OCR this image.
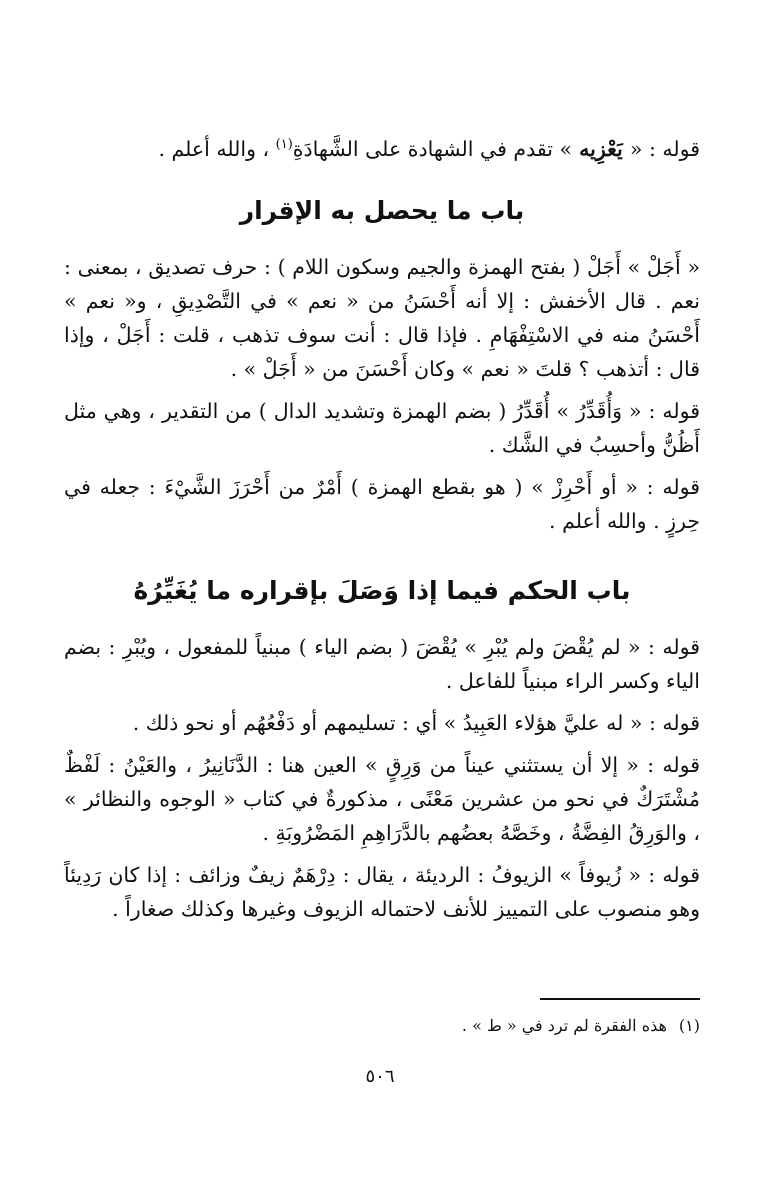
قوله : « يَعْزِيه » تقدم في الشهادة على الشَّهادَةِ$^{(١)}$ ، والله أعلم .

باب ما يحصل به الإقرار

« أَجَلْ » أَجَلْ ( بفتح الهمزة والجيم وسكون اللام ) : حرف تصديق ، بمعنى : نعم . قال الأخفش : إلا أنه أَحْسَنُ من « نعم » في التَّصْدِيقِ ، و« نعم » أَحْسَنُ منه في الاسْتِفْهَامِ . فإذا قال : أنت سوف تذهب ، قلت : أَجَلْ ، وإذا قال : أتذهب ؟ قلتَ « نعم » وكان أَحْسَنَ من « أَجَلْ » .

قوله : « وَأُقَدِّرُ » أُقَدِّرُ ( بضم الهمزة وتشديد الدال ) من التقدير ، وهي مثل أَظُنُّ وأحسِبُ في الشَّك .

قوله : « أو أَحْرِزْ » ( هو بقطع الهمزة ) أَمْرٌ من أَحْرَزَ الشَّيْءَ : جعله في حِرزٍ . والله أعلم .

باب الحكم فيما إذا وَصَلَ بإقراره ما يُغَيِّرُهُ

قوله : « لم يُقْضَ ولم يُبْرِ » يُقْضَ ( بضم الياء ) مبنياً للمفعول ، ويُبْرِ : بضم الياء وكسر الراء مبنياً للفاعل .

قوله : « له عليَّ هؤلاء العَبِيدُ » أي : تسليمهم أو دَفْعُهُم أو نحو ذلك .

قوله : « إلا أن يستثني عيناً من وَرِقٍ » العين هنا : الدَّنَانِيرُ ، والعَيْنُ : لَفْظٌ مُشْتَرَكٌ في نحو من عشرين مَعْنًى ، مذكورةٌ في كتاب « الوجوه والنظائر » ، والوَرِقُ الفِضَّةُ ، وخَصَّهُ بعضُهم بالدَّرَاهِمِ المَضْرُوبَةِ .

قوله : « زُيوفاً » الزيوفُ : الرديئة ، يقال : دِرْهَمٌ زيفٌ وزائف : إذا كان رَدِيئاً وهو منصوب على التمييز للأنف لاحتماله الزيوف وغيرها وكذلك صغاراً .

(١)هذه الفقرة لم ترد في « ط » .
٥٠٦
